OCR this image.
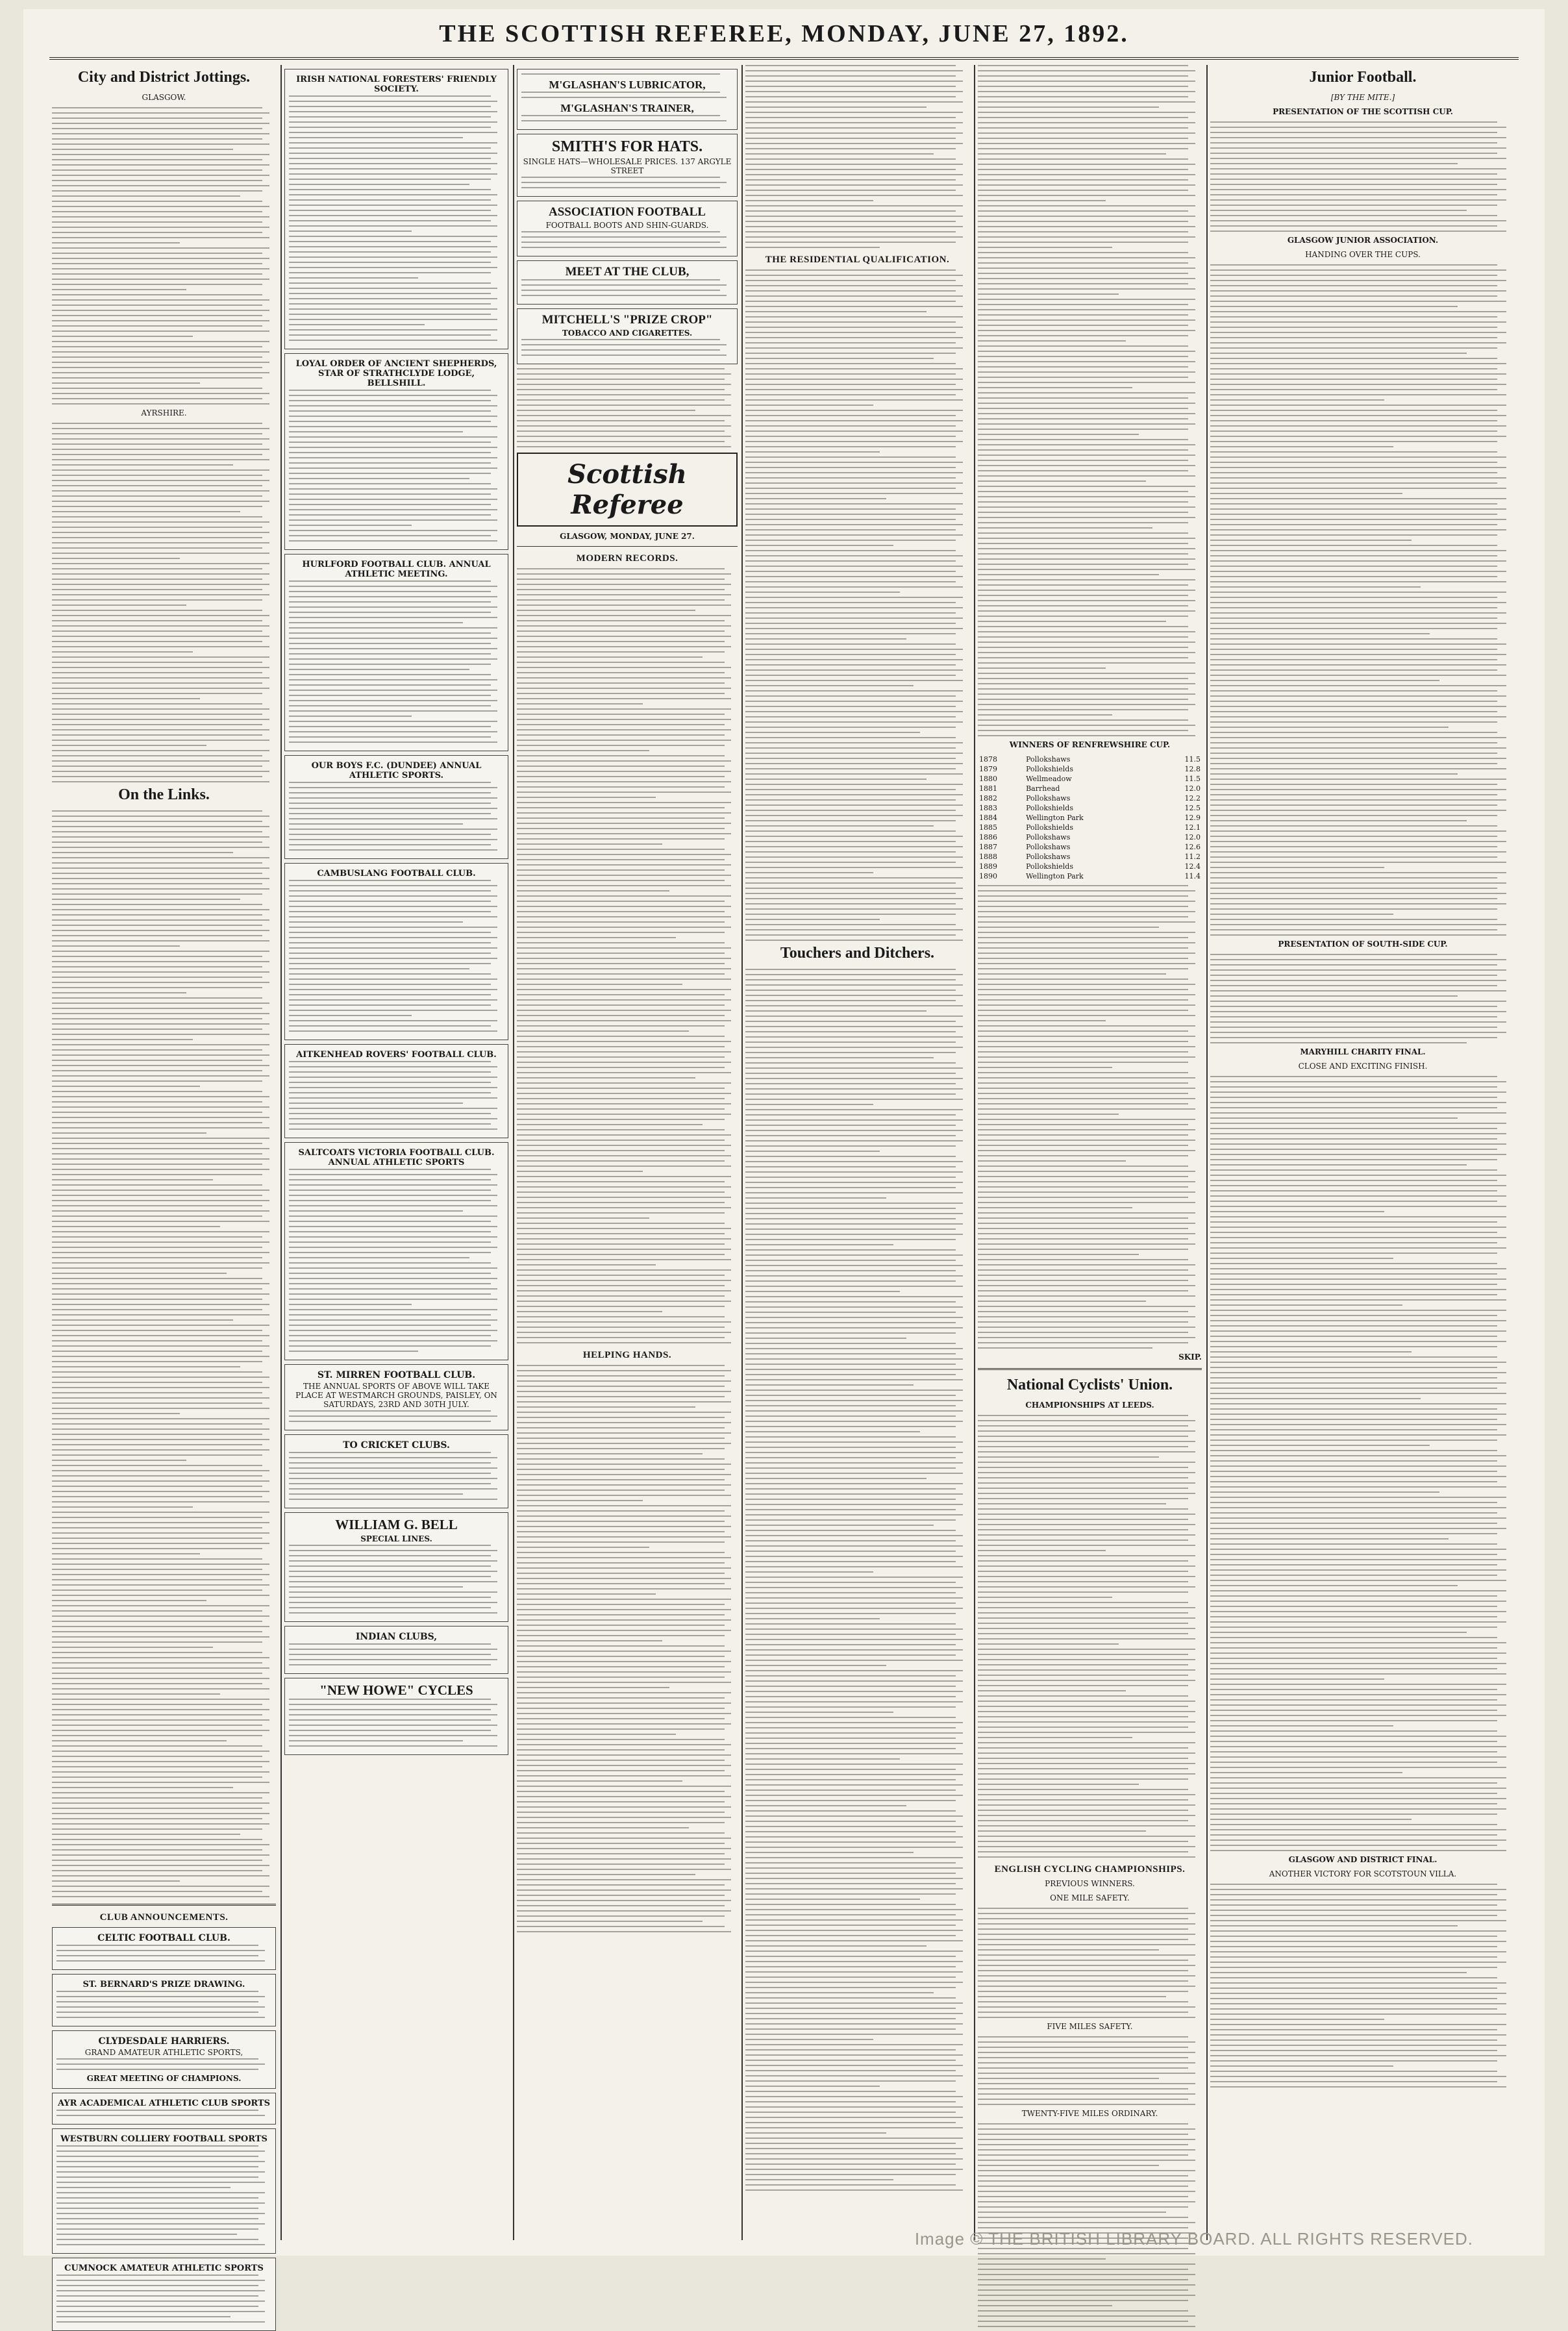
THE SCOTTISH REFEREE, MONDAY, JUNE 27, 1892.
City and District Jottings.
GLASGOW.
AYRSHIRE.
On the Links.
CLUB ANNOUNCEMENTS.
CELTIC FOOTBALL CLUB.
ST. BERNARD'S PRIZE DRAWING.
CLYDESDALE HARRIERS.
GRAND AMATEUR ATHLETIC SPORTS,
GREAT MEETING OF CHAMPIONS.
AYR ACADEMICAL ATHLETIC CLUB SPORTS
WESTBURN COLLIERY FOOTBALL SPORTS
CUMNOCK AMATEUR ATHLETIC SPORTS
IRISH NATIONAL FORESTERS' FRIENDLY SOCIETY.
LOYAL ORDER OF ANCIENT SHEPHERDS, STAR OF STRATHCLYDE LODGE, BELLSHILL.
HURLFORD FOOTBALL CLUB. ANNUAL ATHLETIC MEETING.
OUR BOYS F.C. (DUNDEE) ANNUAL ATHLETIC SPORTS.
CAMBUSLANG FOOTBALL CLUB.
AITKENHEAD ROVERS' FOOTBALL CLUB.
SALTCOATS VICTORIA FOOTBALL CLUB. ANNUAL ATHLETIC SPORTS
ST. MIRREN FOOTBALL CLUB.
THE ANNUAL SPORTS OF ABOVE WILL TAKE PLACE AT WESTMARCH GROUNDS, PAISLEY, ON SATURDAYS, 23RD AND 30TH JULY.
TO CRICKET CLUBS.
WILLIAM G. BELL
SPECIAL LINES.
INDIAN CLUBS,
"NEW HOWE" CYCLES
M'GLASHAN'S LUBRICATOR,
M'GLASHAN'S TRAINER,
SMITH'S FOR HATS.
SINGLE HATS—WHOLESALE PRICES. 137 ARGYLE STREET
ASSOCIATION FOOTBALL
FOOTBALL BOOTS AND SHIN-GUARDS.
MEET AT THE CLUB,
MITCHELL'S "PRIZE CROP"
TOBACCO AND CIGARETTES.
Scottish Referee
GLASGOW, MONDAY, JUNE 27.
MODERN RECORDS.
HELPING HANDS.
THE RESIDENTIAL QUALIFICATION.
Touchers and Ditchers.
WINNERS OF RENFREWSHIRE CUP.
1878	Pollokshaws	11.5
1879	Pollokshields	12.8
1880	Wellmeadow	11.5
1881	Barrhead	12.0
1882	Pollokshaws	12.2
1883	Pollokshields	12.5
1884	Wellington Park	12.9
1885	Pollokshields	12.1
1886	Pollokshaws	12.0
1887	Pollokshaws	12.6
1888	Pollokshaws	11.2
1889	Pollokshields	12.4
1890	Wellington Park	11.4
SKIP.
National Cyclists' Union.
CHAMPIONSHIPS AT LEEDS.
ENGLISH CYCLING CHAMPIONSHIPS.
PREVIOUS WINNERS.
ONE MILE SAFETY.
FIVE MILES SAFETY.
TWENTY-FIVE MILES ORDINARY.
Junior Football.
[BY THE MITE.]
PRESENTATION OF THE SCOTTISH CUP.
GLASGOW JUNIOR ASSOCIATION.
HANDING OVER THE CUPS.
PRESENTATION OF SOUTH-SIDE CUP.
MARYHILL CHARITY FINAL.
CLOSE AND EXCITING FINISH.
GLASGOW AND DISTRICT FINAL.
ANOTHER VICTORY FOR SCOTSTOUN VILLA.
Image © THE BRITISH LIBRARY BOARD. ALL RIGHTS RESERVED.
